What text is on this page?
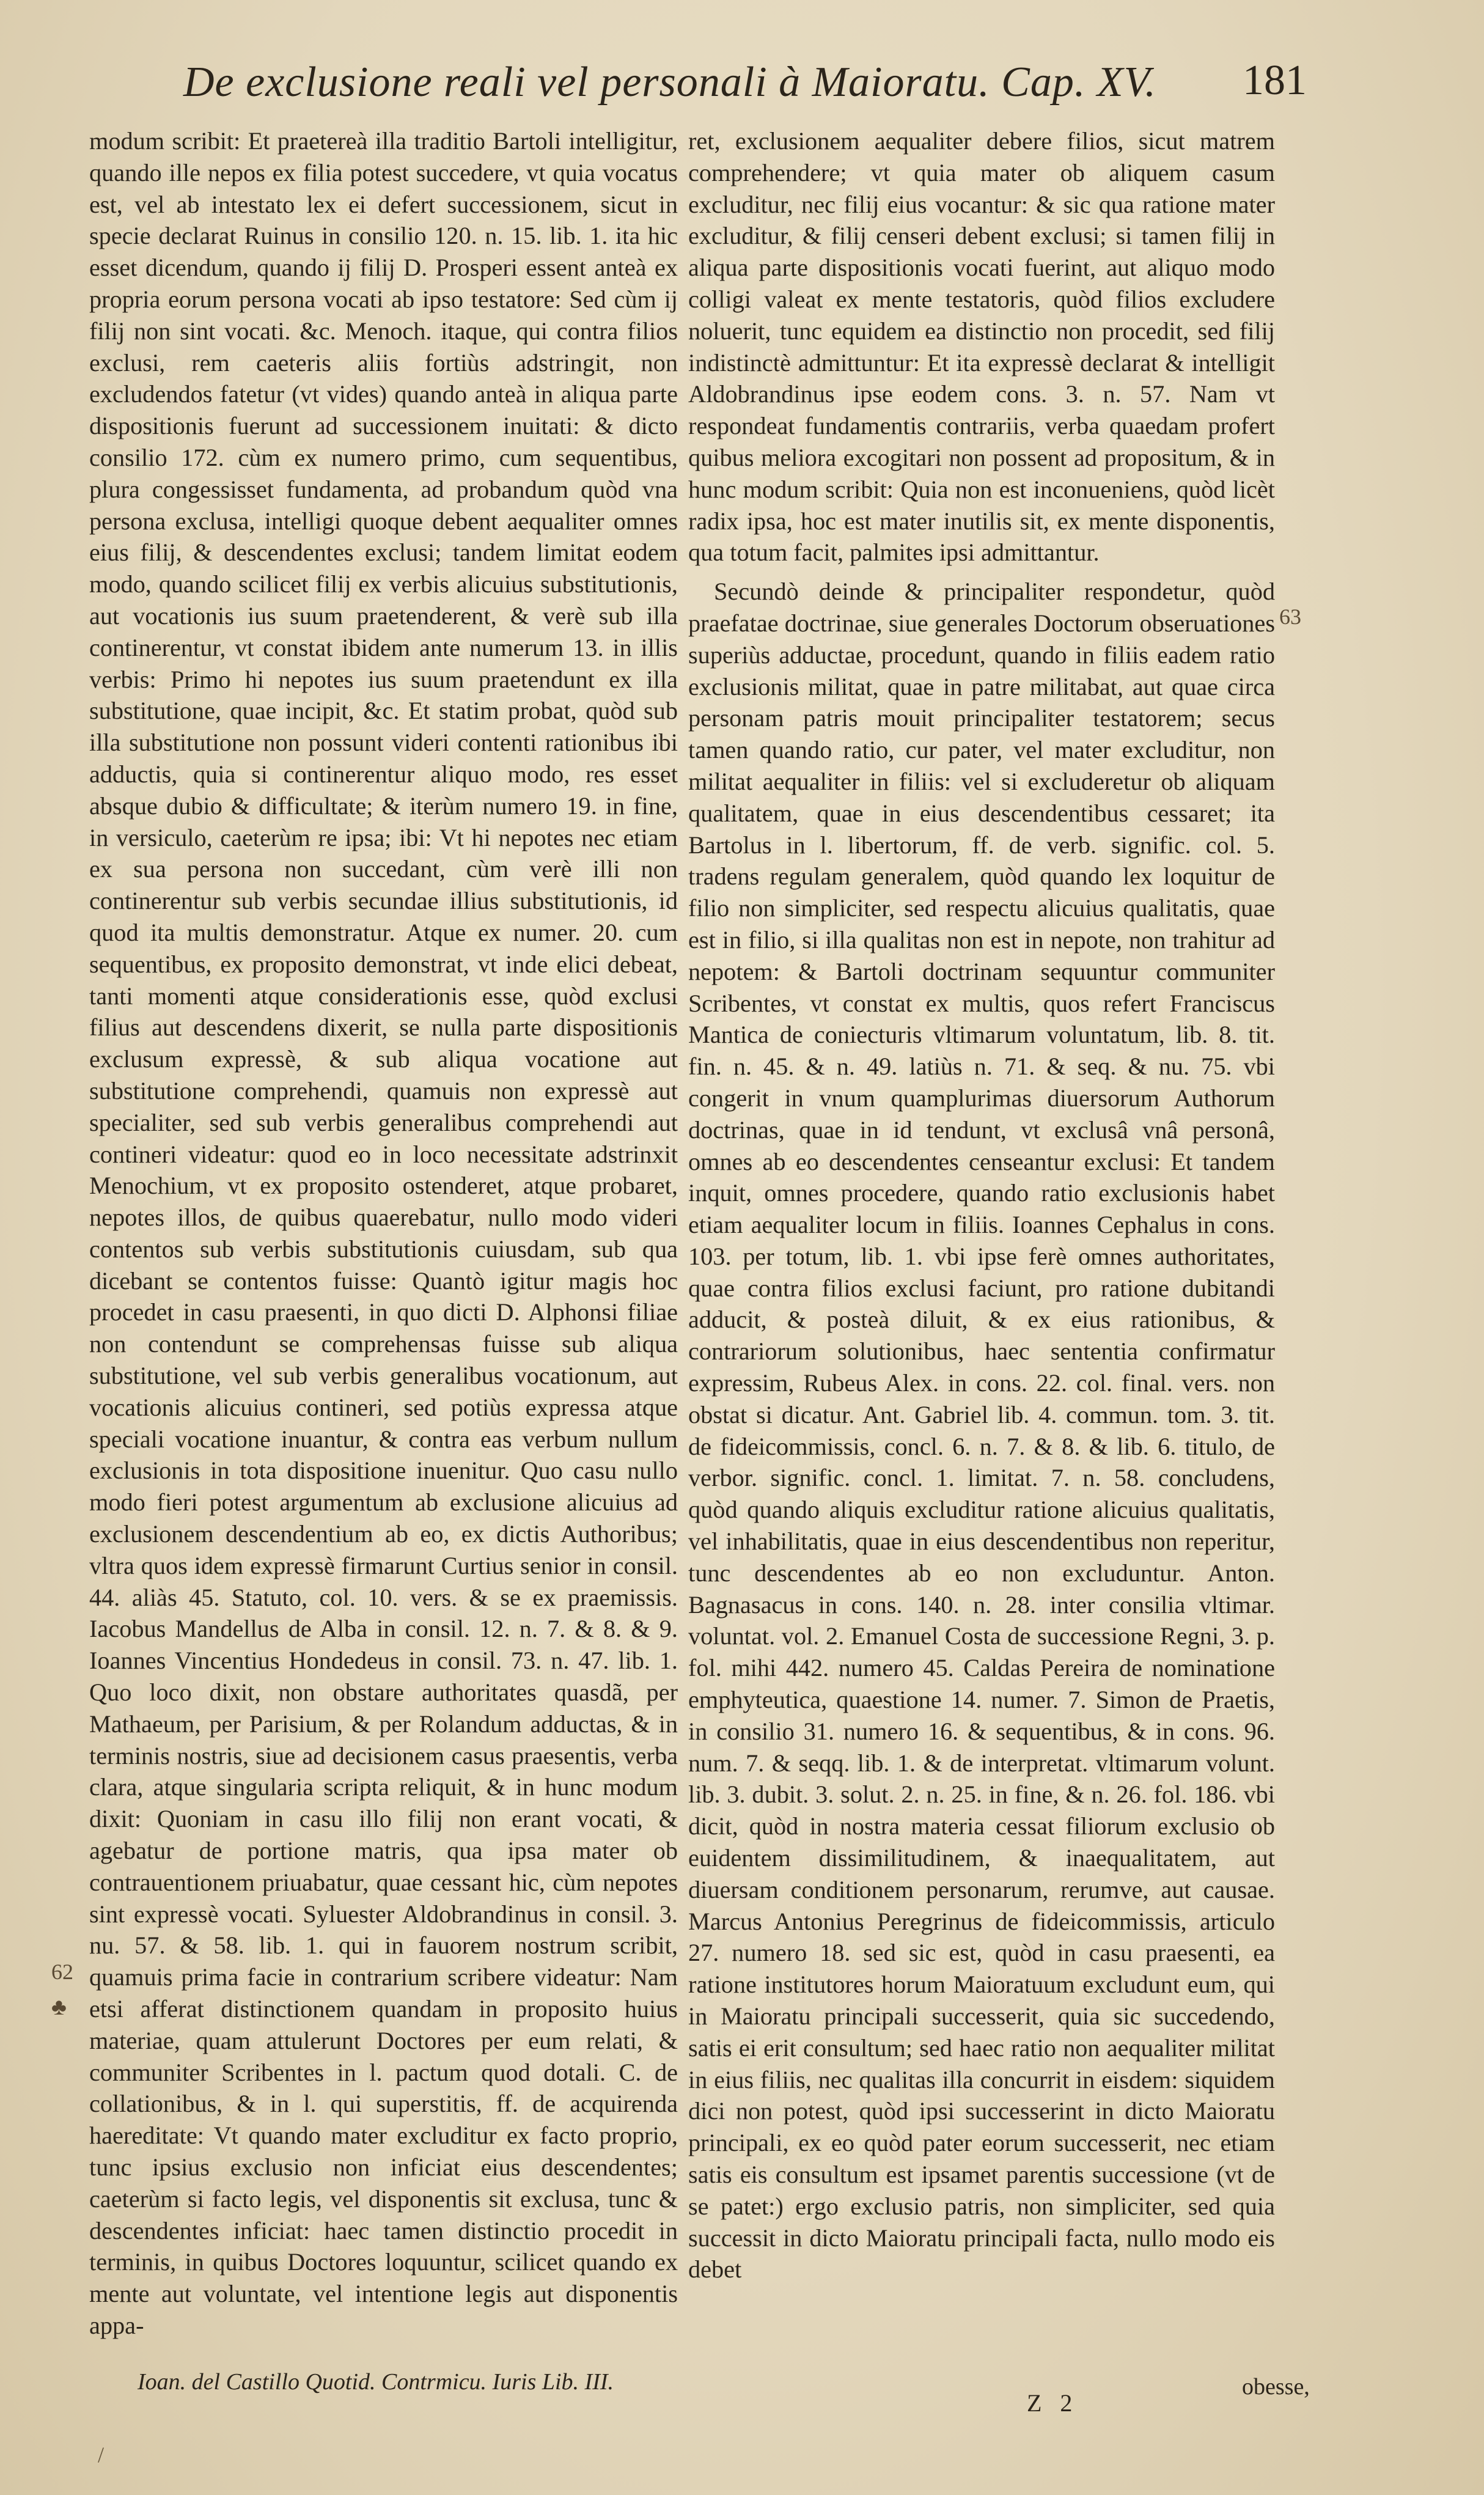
De exclusione reali vel personali à Maioratu. Cap. XV.	181

modum scribit: Et praetereà illa traditio Bartoli intelligitur, quando ille nepos ex filia potest succedere, vt quia vocatus est, vel ab intestato lex ei defert successionem, sicut in specie declarat Ruinus in consilio 120. n. 15. lib. 1. ita hic esset dicendum, quando ij filij D. Prosperi essent anteà ex propria eorum persona vocati ab ipso testatore: Sed cùm ij filij non sint vocati. &c. Menoch. itaque, qui contra filios exclusi, rem caeteris aliis fortiùs adstringit, non excludendos fatetur (vt vides) quando anteà in aliqua parte dispositionis fuerunt ad successionem inuitati: & dicto consilio 172. cùm ex numero primo, cum sequentibus, plura congessisset fundamenta, ad probandum quòd vna persona exclusa, intelligi quoque debent aequaliter omnes eius filij, & descendentes exclusi; tandem limitat eodem modo, quando scilicet filij ex verbis alicuius substitutionis, aut vocationis ius suum praetenderent, & verè sub illa continerentur, vt constat ibidem ante numerum 13. in illis verbis: Primo hi nepotes ius suum praetendunt ex illa substitutione, quae incipit, &c. Et statim probat, quòd sub illa substitutione non possunt videri contenti rationibus ibi adductis, quia si continerentur aliquo modo, res esset absque dubio & difficultate; & iterùm numero 19. in fine, in versiculo, caeterùm re ipsa; ibi: Vt hi nepotes nec etiam ex sua persona non succedant, cùm verè illi non continerentur sub verbis secundae illius substitutionis, id quod ita multis demonstratur. Atque ex numer. 20. cum sequentibus, ex proposito demonstrat, vt inde elici debeat, tanti momenti atque considerationis esse, quòd exclusi filius aut descendens dixerit, se nulla parte dispositionis exclusum expressè, & sub aliqua vocatione aut substitutione comprehendi, quamuis non expressè aut specialiter, sed sub verbis generalibus comprehendi aut contineri videatur: quod eo in loco necessitate adstrinxit Menochium, vt ex proposito ostenderet, atque probaret, nepotes illos, de quibus quaerebatur, nullo modo videri contentos sub verbis substitutionis cuiusdam, sub qua dicebant se contentos fuisse: Quantò igitur magis hoc procedet in casu praesenti, in quo dicti D. Alphonsi filiae non contendunt se comprehensas fuisse sub aliqua substitutione, vel sub verbis generalibus vocationum, aut vocationis alicuius contineri, sed potiùs expressa atque speciali vocatione inuantur, & contra eas verbum nullum exclusionis in tota dispositione inuenitur. Quo casu nullo modo fieri potest argumentum ab exclusione alicuius ad exclusionem descendentium ab eo, ex dictis Authoribus; vltra quos idem expressè firmarunt Curtius senior in consil. 44. aliàs 45. Statuto, col. 10. vers. & se ex praemissis. Iacobus Mandellus de Alba in consil. 12. n. 7. & 8. & 9. Ioannes Vincentius Hondedeus in consil. 73. n. 47. lib. 1. Quo loco dixit, non obstare authoritates quasdã, per Mathaeum, per Parisium, & per Rolandum adductas, & in terminis nostris, siue ad decisionem casus praesentis, verba clara, atque singularia scripta reliquit, & in hunc modum dixit: Quoniam in casu illo filij non erant vocati, & agebatur de portione matris, qua ipsa mater ob contrauentionem priuabatur, quae cessant hic, cùm nepotes sint expressè vocati. Syluester Aldobrandinus in consil. 3. nu. 57. & 58. lib. 1. qui in fauorem nostrum scribit, quamuis prima facie in contrarium scribere videatur: Nam etsi afferat distinctionem quandam in proposito huius materiae, quam attulerunt Doctores per eum relati, & communiter Scribentes in l. pactum quod dotali. C. de collationibus, & in l. qui superstitis, ff. de acquirenda haereditate: Vt quando mater excluditur ex facto proprio, tunc ipsius exclusio non inficiat eius descendentes; caeterùm si facto legis, vel disponentis sit exclusa, tunc & descendentes inficiat: haec tamen distinctio procedit in terminis, in quibus Doctores loquuntur, scilicet quando ex mente aut voluntate, vel intentione legis aut disponentis appa-

ret, exclusionem aequaliter debere filios, sicut matrem comprehendere; vt quia mater ob aliquem casum excluditur, nec filij eius vocantur: & sic qua ratione mater excluditur, & filij censeri debent exclusi; si tamen filij in aliqua parte dispositionis vocati fuerint, aut aliquo modo colligi valeat ex mente testatoris, quòd filios excludere noluerit, tunc equidem ea distinctio non procedit, sed filij indistinctè admittuntur: Et ita expressè declarat & intelligit Aldobrandinus ipse eodem cons. 3. n. 57. Nam vt respondeat fundamentis contrariis, verba quaedam profert quibus meliora excogitari non possent ad propositum, & in hunc modum scribit: Quia non est inconueniens, quòd licèt radix ipsa, hoc est mater inutilis sit, ex mente disponentis, qua totum facit, palmites ipsi admittantur.

Secundò deinde & principaliter respondetur, quòd praefatae doctrinae, siue generales Doctorum obseruationes superiùs adductae, procedunt, quando in filiis eadem ratio exclusionis militat, quae in patre militabat, aut quae circa personam patris mouit principaliter testatorem; secus tamen quando ratio, cur pater, vel mater excluditur, non militat aequaliter in filiis: vel si excluderetur ob aliquam qualitatem, quae in eius descendentibus cessaret; ita Bartolus in l. libertorum, ff. de verb. signific. col. 5. tradens regulam generalem, quòd quando lex loquitur de filio non simpliciter, sed respectu alicuius qualitatis, quae est in filio, si illa qualitas non est in nepote, non trahitur ad nepotem: & Bartoli doctrinam sequuntur communiter Scribentes, vt constat ex multis, quos refert Franciscus Mantica de coniecturis vltimarum voluntatum, lib. 8. tit. fin. n. 45. & n. 49. latiùs n. 71. & seq. & nu. 75. vbi congerit in vnum quamplurimas diuersorum Authorum doctrinas, quae in id tendunt, vt exclusâ vnâ personâ, omnes ab eo descendentes censeantur exclusi: Et tandem inquit, omnes procedere, quando ratio exclusionis habet etiam aequaliter locum in filiis. Ioannes Cephalus in cons. 103. per totum, lib. 1. vbi ipse ferè omnes authoritates, quae contra filios exclusi faciunt, pro ratione dubitandi adducit, & posteà diluit, & ex eius rationibus, & contrariorum solutionibus, haec sententia confirmatur expressim, Rubeus Alex. in cons. 22. col. final. vers. non obstat si dicatur. Ant. Gabriel lib. 4. commun. tom. 3. tit. de fideicommissis, concl. 6. n. 7. & 8. & lib. 6. titulo, de verbor. signific. concl. 1. limitat. 7. n. 58. concludens, quòd quando aliquis excluditur ratione alicuius qualitatis, vel inhabilitatis, quae in eius descendentibus non reperitur, tunc descendentes ab eo non excluduntur. Anton. Bagnasacus in cons. 140. n. 28. inter consilia vltimar. voluntat. vol. 2. Emanuel Costa de successione Regni, 3. p. fol. mihi 442. numero 45. Caldas Pereira de nominatione emphyteutica, quaestione 14. numer. 7. Simon de Praetis, in consilio 31. numero 16. & sequentibus, & in cons. 96. num. 7. & seqq. lib. 1. & de interpretat. vltimarum volunt. lib. 3. dubit. 3. solut. 2. n. 25. in fine, & n. 26. fol. 186. vbi dicit, quòd in nostra materia cessat filiorum exclusio ob euidentem dissimilitudinem, & inaequalitatem, aut diuersam conditionem personarum, rerumve, aut causae. Marcus Antonius Peregrinus de fideicommissis, articulo 27. numero 18. sed sic est, quòd in casu praesenti, ea ratione institutores horum Maioratuum excludunt eum, qui in Maioratu principali successerit, quia sic succedendo, satis ei erit consultum; sed haec ratio non aequaliter militat in eius filiis, nec qualitas illa concurrit in eisdem: siquidem dici non potest, quòd ipsi successerint in dicto Maioratu principali, ex eo quòd pater eorum successerit, nec etiam satis eis consultum est ipsamet parentis successione (vt de se patet:) ergo exclusio patris, non simpliciter, sed quia successit in dicto Maioratu principali facta, nullo modo eis debet

63
62
♣
Ioan. del Castillo Quotid. Contrmicu. Iuris Lib. III.
Z 2
obesse,
/
